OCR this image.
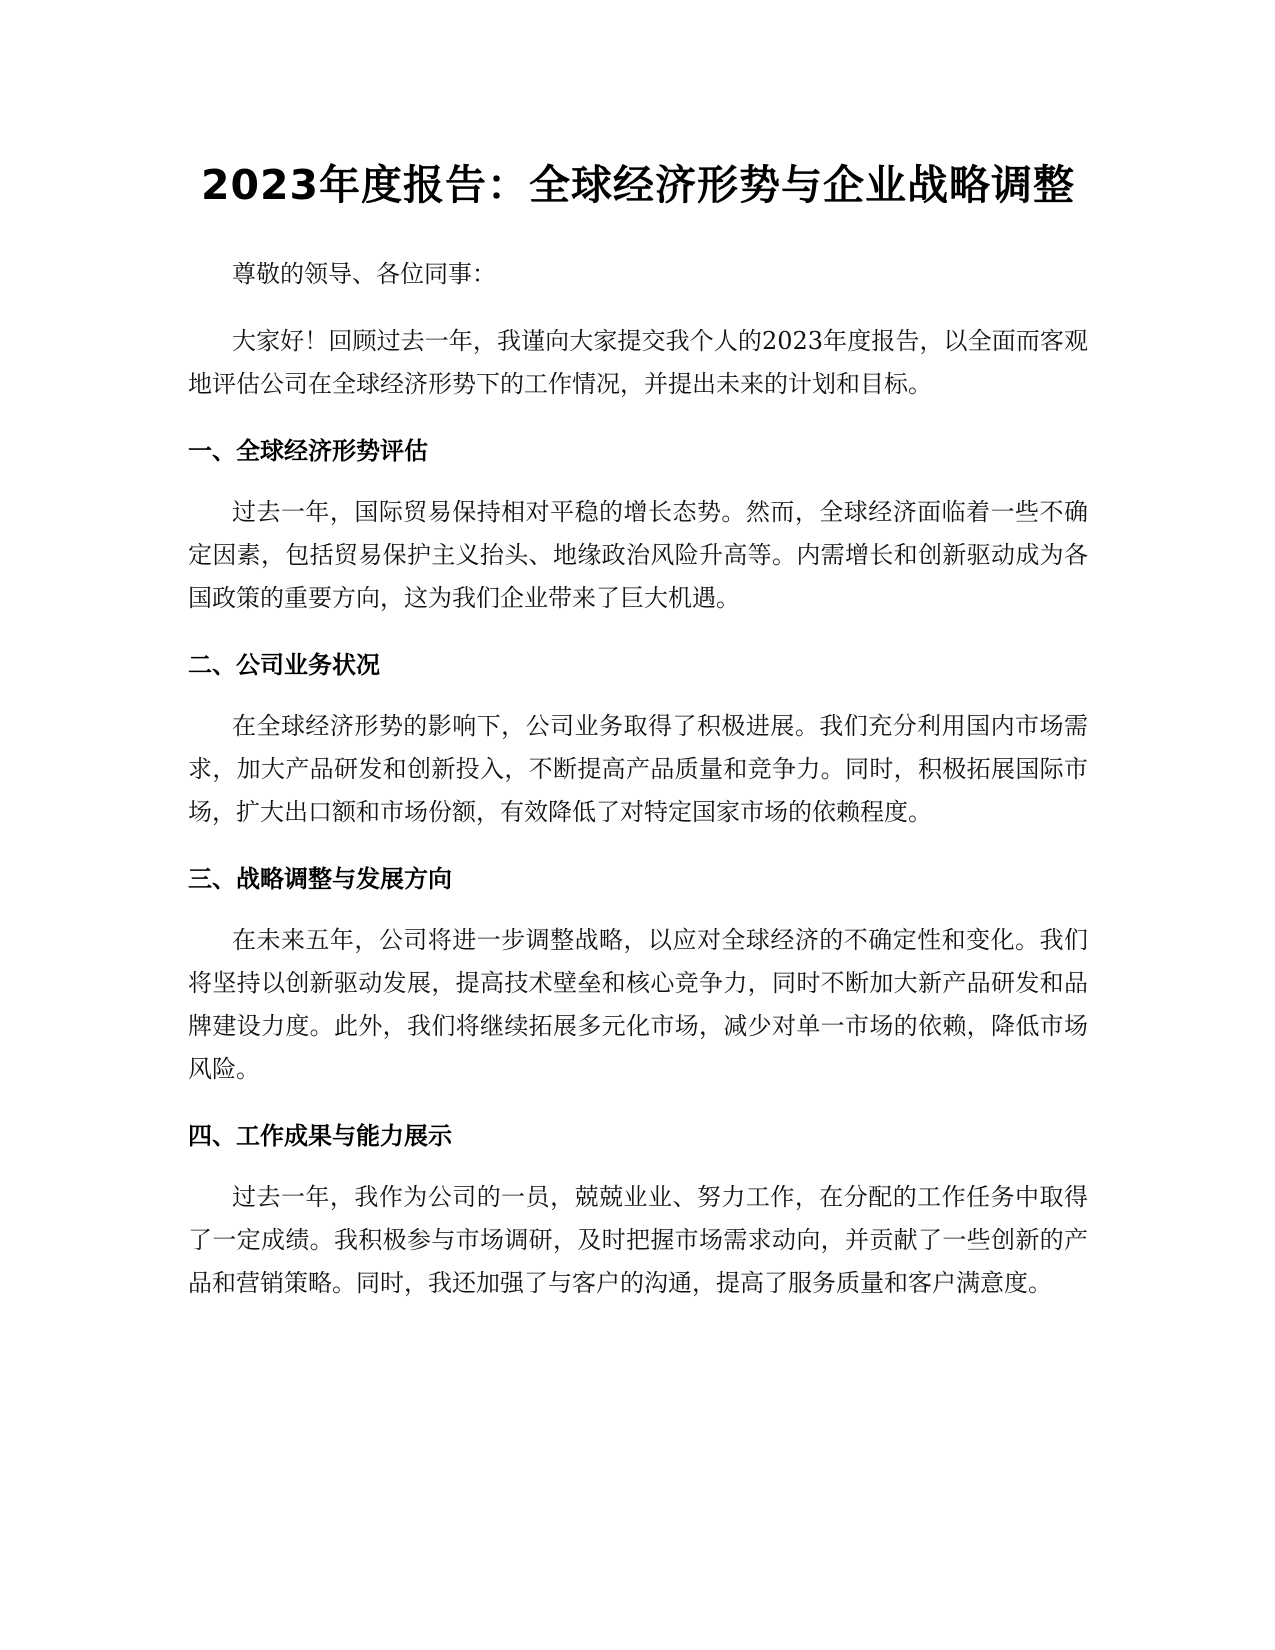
2023年度报告：全球经济形势与企业战略调整

尊敬的领导、各位同事：

大家好！回顾过去一年，我谨向大家提交我个人的2023年度报告，以全面而客观地评估公司在全球经济形势下的工作情况，并提出未来的计划和目标。

一、全球经济形势评估

过去一年，国际贸易保持相对平稳的增长态势。然而，全球经济面临着一些不确定因素，包括贸易保护主义抬头、地缘政治风险升高等。内需增长和创新驱动成为各国政策的重要方向，这为我们企业带来了巨大机遇。

二、公司业务状况

在全球经济形势的影响下，公司业务取得了积极进展。我们充分利用国内市场需求，加大产品研发和创新投入，不断提高产品质量和竞争力。同时，积极拓展国际市场，扩大出口额和市场份额，有效降低了对特定国家市场的依赖程度。

三、战略调整与发展方向

在未来五年，公司将进一步调整战略，以应对全球经济的不确定性和变化。我们将坚持以创新驱动发展，提高技术壁垒和核心竞争力，同时不断加大新产品研发和品牌建设力度。此外，我们将继续拓展多元化市场，减少对单一市场的依赖，降低市场风险。

四、工作成果与能力展示

过去一年，我作为公司的一员，兢兢业业、努力工作，在分配的工作任务中取得了一定成绩。我积极参与市场调研，及时把握市场需求动向，并贡献了一些创新的产品和营销策略。同时，我还加强了与客户的沟通，提高了服务质量和客户满意度。
